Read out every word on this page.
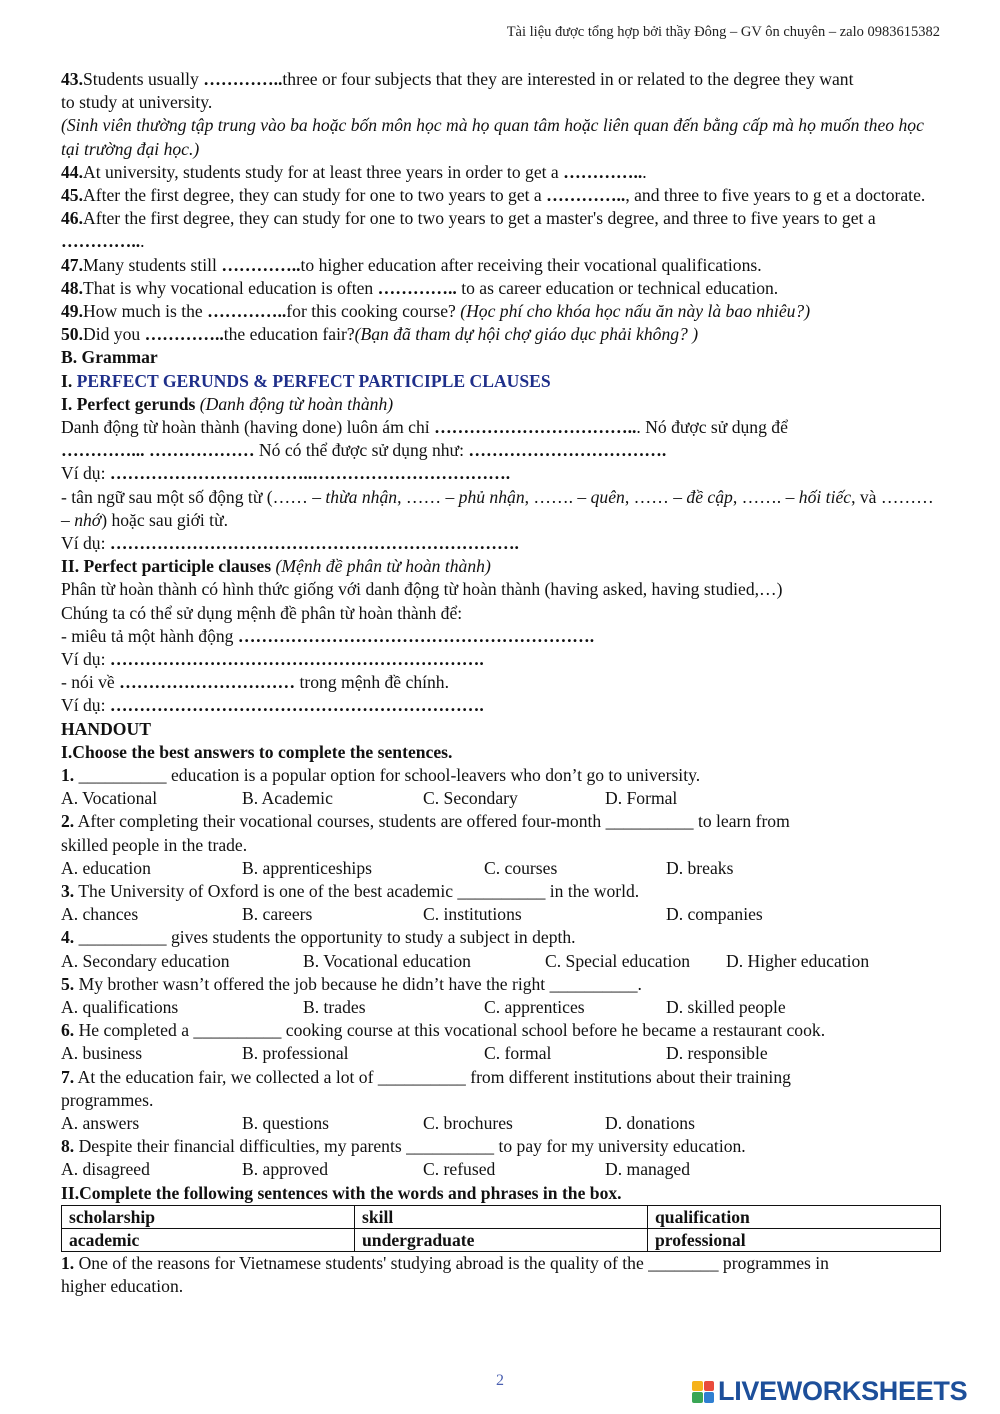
Tài liệu được tổng hợp bởi thầy Đông – GV ôn chuyên – zalo 0983615382

43.Students usually …………..three or four subjects that they are interested in or related to the degree they want

to study at university.

(Sinh viên thường tập trung vào ba hoặc bốn môn học mà họ quan tâm hoặc liên quan đến bằng cấp mà họ muốn theo học tại trường đại học.)

44.At university, students study for at least three years in order to get a …………...

45.After the first degree, they can study for one to two years to get a ………….., and three to five years to g et a doctorate.

46.After the first degree, they can study for one to two years to get a master's degree, and three to five years to get a …………...

47.Many students still …………..to higher education after receiving their vocational qualifications.

48.That is why vocational education is often ………….. to as career education or technical education.

49.How much is the …………..for this cooking course? (Học phí cho khóa học nấu ăn này là bao nhiêu?)

50.Did you …………..the education fair?(Bạn đã tham dự hội chợ giáo dục phải không? )

B. Grammar

I. PERFECT GERUNDS & PERFECT PARTICIPLE CLAUSES

I. Perfect gerunds (Danh động từ hoàn thành)

Danh động từ hoàn thành (having done) luôn ám chỉ ……………………………... Nó được sử dụng để

…………... ……………… Nó có thể được sử dụng như: …………………………….

Ví dụ: ……………………………..…………………………….

- tân ngữ sau một số động từ (…… – thừa nhận, …… – phủ nhận, ……. – quên, …… – đề cập, ……. – hối tiếc, và ……… – nhớ) hoặc sau giới từ.

Ví dụ: …………………………………………………………….

II. Perfect participle clauses (Mệnh đề phân từ hoàn thành)

Phân từ hoàn thành có hình thức giống với danh động từ hoàn thành (having asked, having studied,…)

Chúng ta có thể sử dụng mệnh đề phân từ hoàn thành để:

- miêu tả một hành động …………………………………………………….

Ví dụ: ……………………………………………………….

- nói về ………………………… trong mệnh đề chính.

Ví dụ: ……………………………………………………….

HANDOUT

I.Choose the best answers to complete the sentences.

1. __________ education is a popular option for school-leavers who don’t go to university.

A. Vocational	B. Academic	C. Secondary	D. Formal

2. After completing their vocational courses, students are offered four-month __________ to learn from

skilled people in the trade.

A. education	B. apprenticeships	C. courses	D. breaks

3. The University of Oxford is one of the best academic __________ in the world.

A. chances	B. careers	C. institutions	D. companies

4. __________ gives students the opportunity to study a subject in depth.

A. Secondary education	B. Vocational education	C. Special education	D. Higher education

5. My brother wasn’t offered the job because he didn’t have the right __________.

A. qualifications	B. trades	C. apprentices	D. skilled people

6. He completed a __________ cooking course at this vocational school before he became a restaurant cook.

A. business	B. professional	C. formal	D. responsible

7. At the education fair, we collected a lot of __________ from different institutions about their training

programmes.

A. answers	B. questions	C. brochures	D. donations

8. Despite their financial difficulties, my parents __________ to pay for my university education.

A. disagreed	B. approved	C. refused	D. managed

II.Complete the following sentences with the words and phrases in the box.

scholarship	skill	qualification
academic	undergraduate	professional

1. One of the reasons for Vietnamese students' studying abroad is the quality of the ________ programmes in

higher education.

2	LIVEWORKSHEETS
